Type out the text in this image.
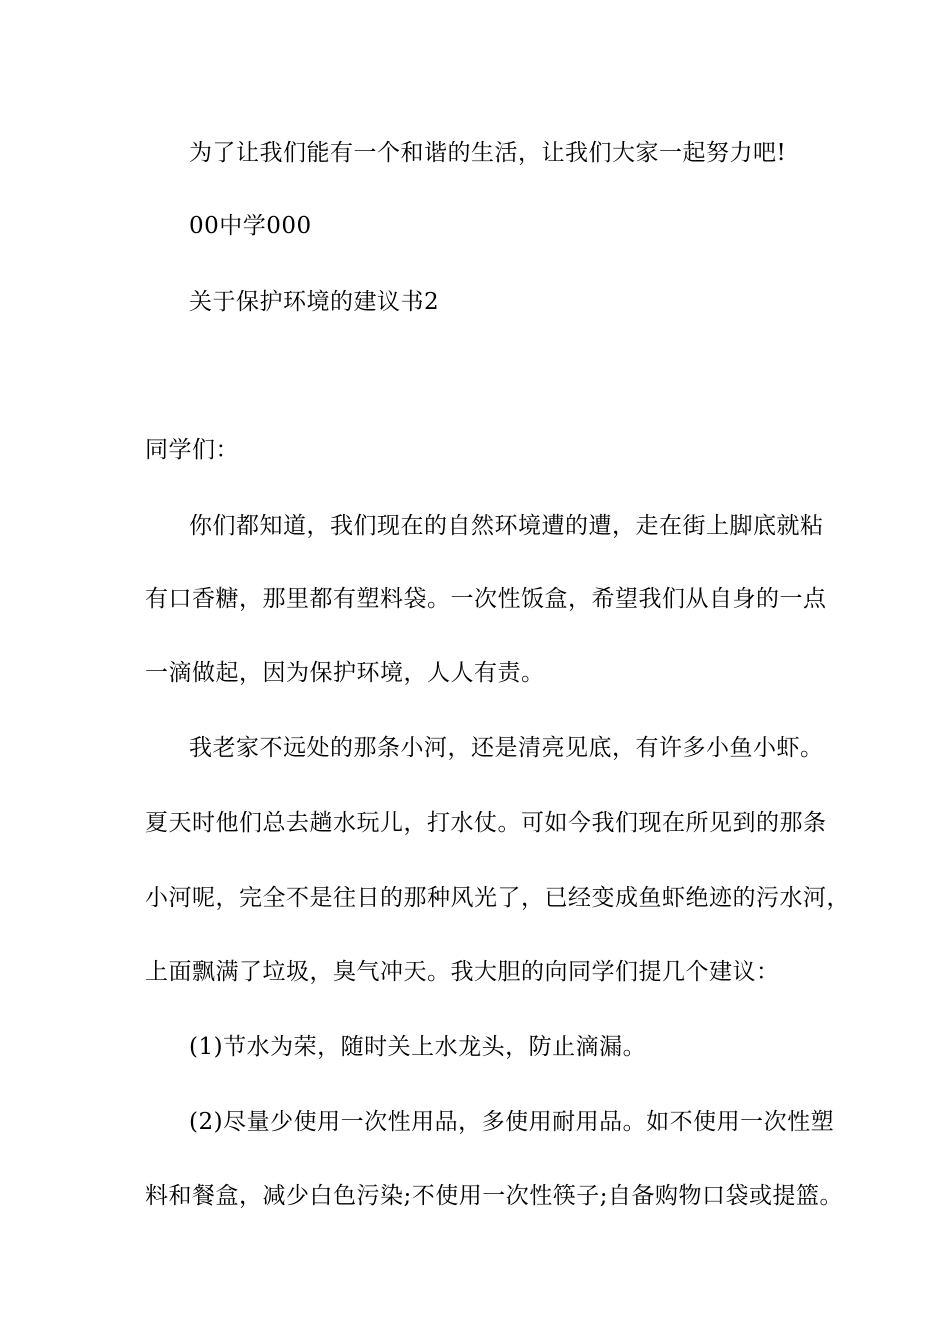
为了让我们能有一个和谐的生活，让我们大家一起努力吧!
00中学000
关于保护环境的建议书2
同学们：
你们都知道，我们现在的自然环境遭的遭，走在街上脚底就粘
有口香糖，那里都有塑料袋。一次性饭盒，希望我们从自身的一点
一滴做起，因为保护环境，人人有责。
我老家不远处的那条小河，还是清亮见底，有许多小鱼小虾。
夏天时他们总去趟水玩儿，打水仗。可如今我们现在所见到的那条
小河呢，完全不是往日的那种风光了，已经变成鱼虾绝迹的污水河，
上面飘满了垃圾，臭气冲天。我大胆的向同学们提几个建议：
(1)节水为荣，随时关上水龙头，防止滴漏。
(2)尽量少使用一次性用品，多使用耐用品。如不使用一次性塑
料和餐盒，减少白色污染;不使用一次性筷子;自备购物口袋或提篮。
